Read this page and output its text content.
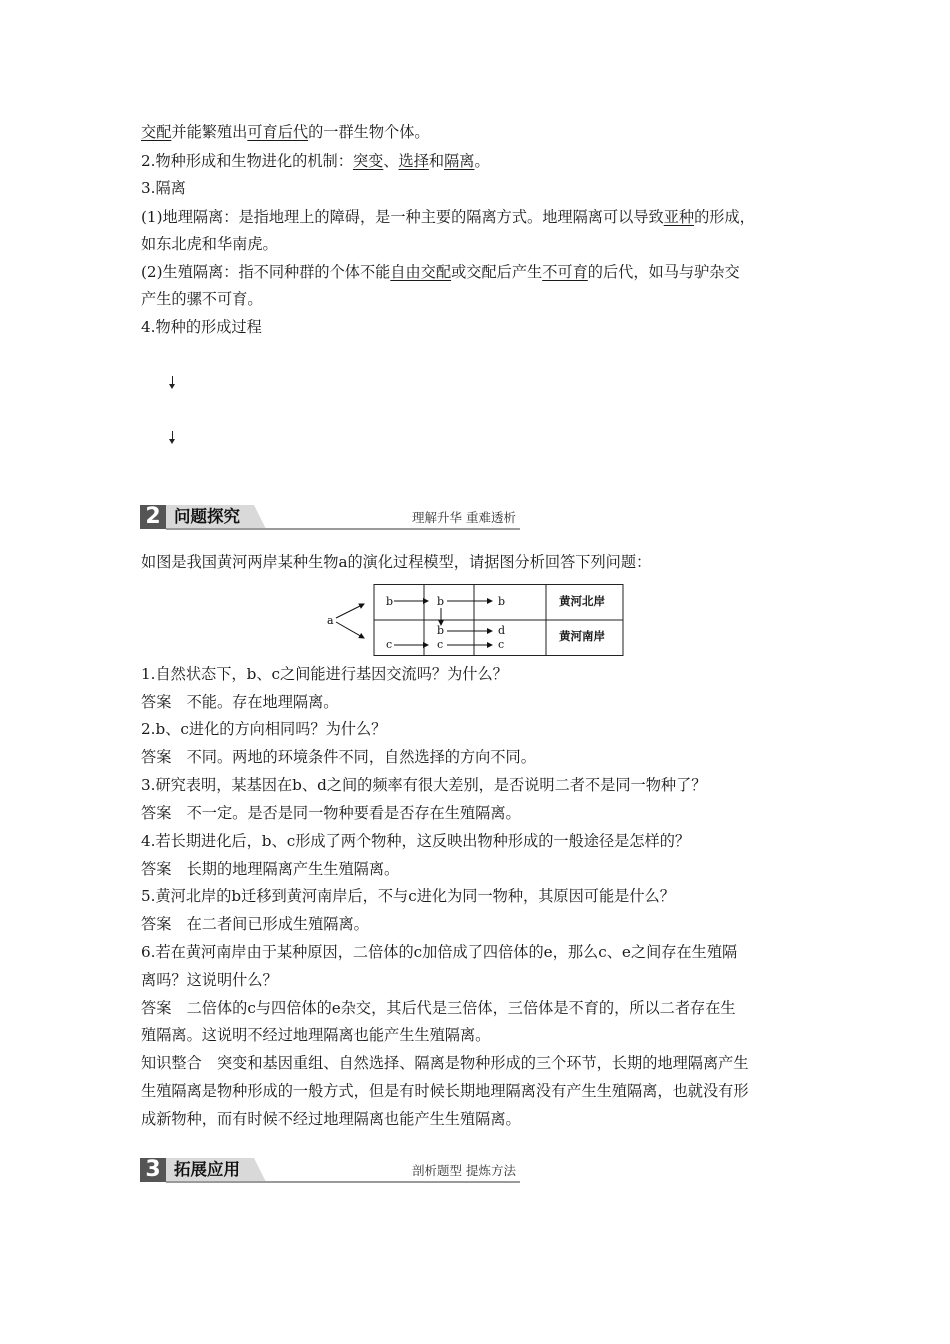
交配并能繁殖出可育后代的一群生物个体。
2.物种形成和生物进化的机制：突变、选择和隔离。
3.隔离
(1)地理隔离：是指地理上的障碍，是一种主要的隔离方式。地理隔离可以导致亚种的形成，
如东北虎和华南虎。
(2)生殖隔离：指不同种群的个体不能自由交配或交配后产生不可育的后代，如马与驴杂交
产生的骡不可育。
4.物种的形成过程
2 问题探究	理解升华 重难透析
如图是我国黄河两岸某种生物a的演化过程模型，请据图分析回答下列问题：
a
b	b	b	黄河北岸
b	d
c	c	c
黄河南岸
1.自然状态下，b、c之间能进行基因交流吗？为什么？
答案　不能。存在地理隔离。
2.b、c进化的方向相同吗？为什么？
答案　不同。两地的环境条件不同，自然选择的方向不同。
3.研究表明，某基因在b、d之间的频率有很大差别，是否说明二者不是同一物种了？
答案　不一定。是否是同一物种要看是否存在生殖隔离。
4.若长期进化后，b、c形成了两个物种，这反映出物种形成的一般途径是怎样的？
答案　长期的地理隔离产生生殖隔离。
5.黄河北岸的b迁移到黄河南岸后，不与c进化为同一物种，其原因可能是什么？
答案　在二者间已形成生殖隔离。
6.若在黄河南岸由于某种原因，二倍体的c加倍成了四倍体的e，那么c、e之间存在生殖隔
离吗？这说明什么？
答案　二倍体的c与四倍体的e杂交，其后代是三倍体，三倍体是不育的，所以二者存在生
殖隔离。这说明不经过地理隔离也能产生生殖隔离。
知识整合　突变和基因重组、自然选择、隔离是物种形成的三个环节，长期的地理隔离产生
生殖隔离是物种形成的一般方式，但是有时候长期地理隔离没有产生生殖隔离，也就没有形
成新物种，而有时候不经过地理隔离也能产生生殖隔离。
3 拓展应用	剖析题型 提炼方法
